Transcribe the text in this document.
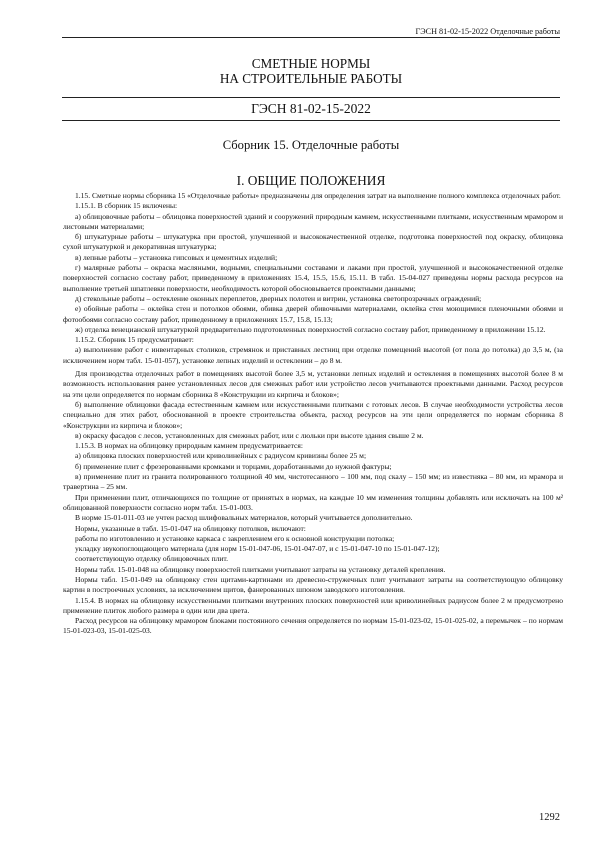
ГЭСН 81-02-15-2022 Отделочные работы
СМЕТНЫЕ НОРМЫ
НА СТРОИТЕЛЬНЫЕ РАБОТЫ
ГЭСН 81-02-15-2022
Сборник 15. Отделочные работы
I. ОБЩИЕ ПОЛОЖЕНИЯ

1.15. Сметные нормы сборника 15 «Отделочные работы» предназначены для определения затрат на выполнение полного комплекса отделочных работ.

1.15.1. В сборник 15 включены:

а) облицовочные работы – облицовка поверхностей зданий и сооружений природным камнем, искусственными плитками, искусственным мрамором и листовыми материалами;

б) штукатурные работы – штукатурка при простой, улучшенной и высококачественной отделке, подготовка поверхностей под окраску, облицовка сухой штукатуркой и декоративная штукатурка;

в) лепные работы – установка гипсовых и цементных изделий;

г) малярные работы – окраска масляными, водными, специальными составами и лаками при простой, улучшенной и высококачественной отделке поверхностей согласно составу работ, приведенному в приложениях 15.4, 15.5, 15.6, 15.11. В табл. 15-04-027 приведены нормы расхода ресурсов на выполнение третьей шпатлевки поверхности, необходимость которой обосновывается проектными данными;

д) стекольные работы – остекление оконных переплетов, дверных полотен и витрин, установка светопрозрачных ограждений;

е) обойные работы – оклейка стен и потолков обоями, обивка дверей обивочными материалами, оклейка стен моющимися пленочными обоями и фотообоями согласно составу работ, приведенному в приложениях 15.7, 15.8, 15.13;

ж) отделка венецианской штукатуркой предварительно подготовленных поверхностей согласно составу работ, приведенному в приложении 15.12.

1.15.2. Сборник 15 предусматривает:

а) выполнение работ с инвентарных столиков, стремянок и приставных лестниц при отделке помещений высотой (от пола до потолка) до 3,5 м, (за исключением норм табл. 15-01-057), установке лепных изделий и остеклении – до 8 м.

Для производства отделочных работ в помещениях высотой более 3,5 м, установки лепных изделий и остекления в помещениях высотой более 8 м возможность использования ранее установленных лесов для смежных работ или устройство лесов учитываются проектными данными. Расход ресурсов на эти цели определяется по нормам сборника 8 «Конструкции из кирпича и блоков»;

б) выполнение облицовки фасада естественным камнем или искусственными плитками с готовых лесов. В случае необходимости устройства лесов специально для этих работ, обоснованной в проекте строительства объекта, расход ресурсов на эти цели определяется по нормам сборника 8 «Конструкции из кирпича и блоков»;

в) окраску фасадов с лесов, установленных для смежных работ, или с люльки при высоте здания свыше 2 м.

1.15.3. В нормах на облицовку природным камнем предусматривается:

а) облицовка плоских поверхностей или криволинейных с радиусом кривизны более 25 м;

б) применение плит с фрезерованными кромками и торцами, доработанными до нужной фактуры;

в) применение плит из гранита полированного толщиной 40 мм, чистотесанного – 100 мм, под скалу – 150 мм; из известняка – 80 мм, из мрамора и травертина – 25 мм.

При применении плит, отличающихся по толщине от принятых в нормах, на каждые 10 мм изменения толщины добавлять или исключать на 100 м² облицованной поверхности согласно норм табл. 15-01-003.

В норме 15-01-011-03 не учтен расход шлифовальных материалов, который учитывается дополнительно.

Нормы, указанные в табл. 15-01-047 на облицовку потолков, включают:

работы по изготовлению и установке каркаса с закреплением его к основной конструкции потолка;

укладку звукопоглощающего материала (для норм 15-01-047-06, 15-01-047-07, и с 15-01-047-10 по 15-01-047-12);

соответствующую отделку облицовочных плит.

Нормы табл. 15-01-048 на облицовку поверхностей плитками учитывают затраты на установку деталей крепления.

Нормы табл. 15-01-049 на облицовку стен щитами-картинами из древесно-стружечных плит учитывают затраты на соответствующую облицовку картин в построечных условиях, за исключением щитов, фанерованных шпоном заводского изготовления.

1.15.4. В нормах на облицовку искусственными плитками внутренних плоских поверхностей или криволинейных радиусом более 2 м предусмотрено применение плиток любого размера в один или два цвета.

Расход ресурсов на облицовку мрамором блоками постоянного сечения определяется по нормам 15-01-023-02, 15-01-025-02, а перемычек – по нормам 15-01-023-03, 15-01-025-03.

1292
